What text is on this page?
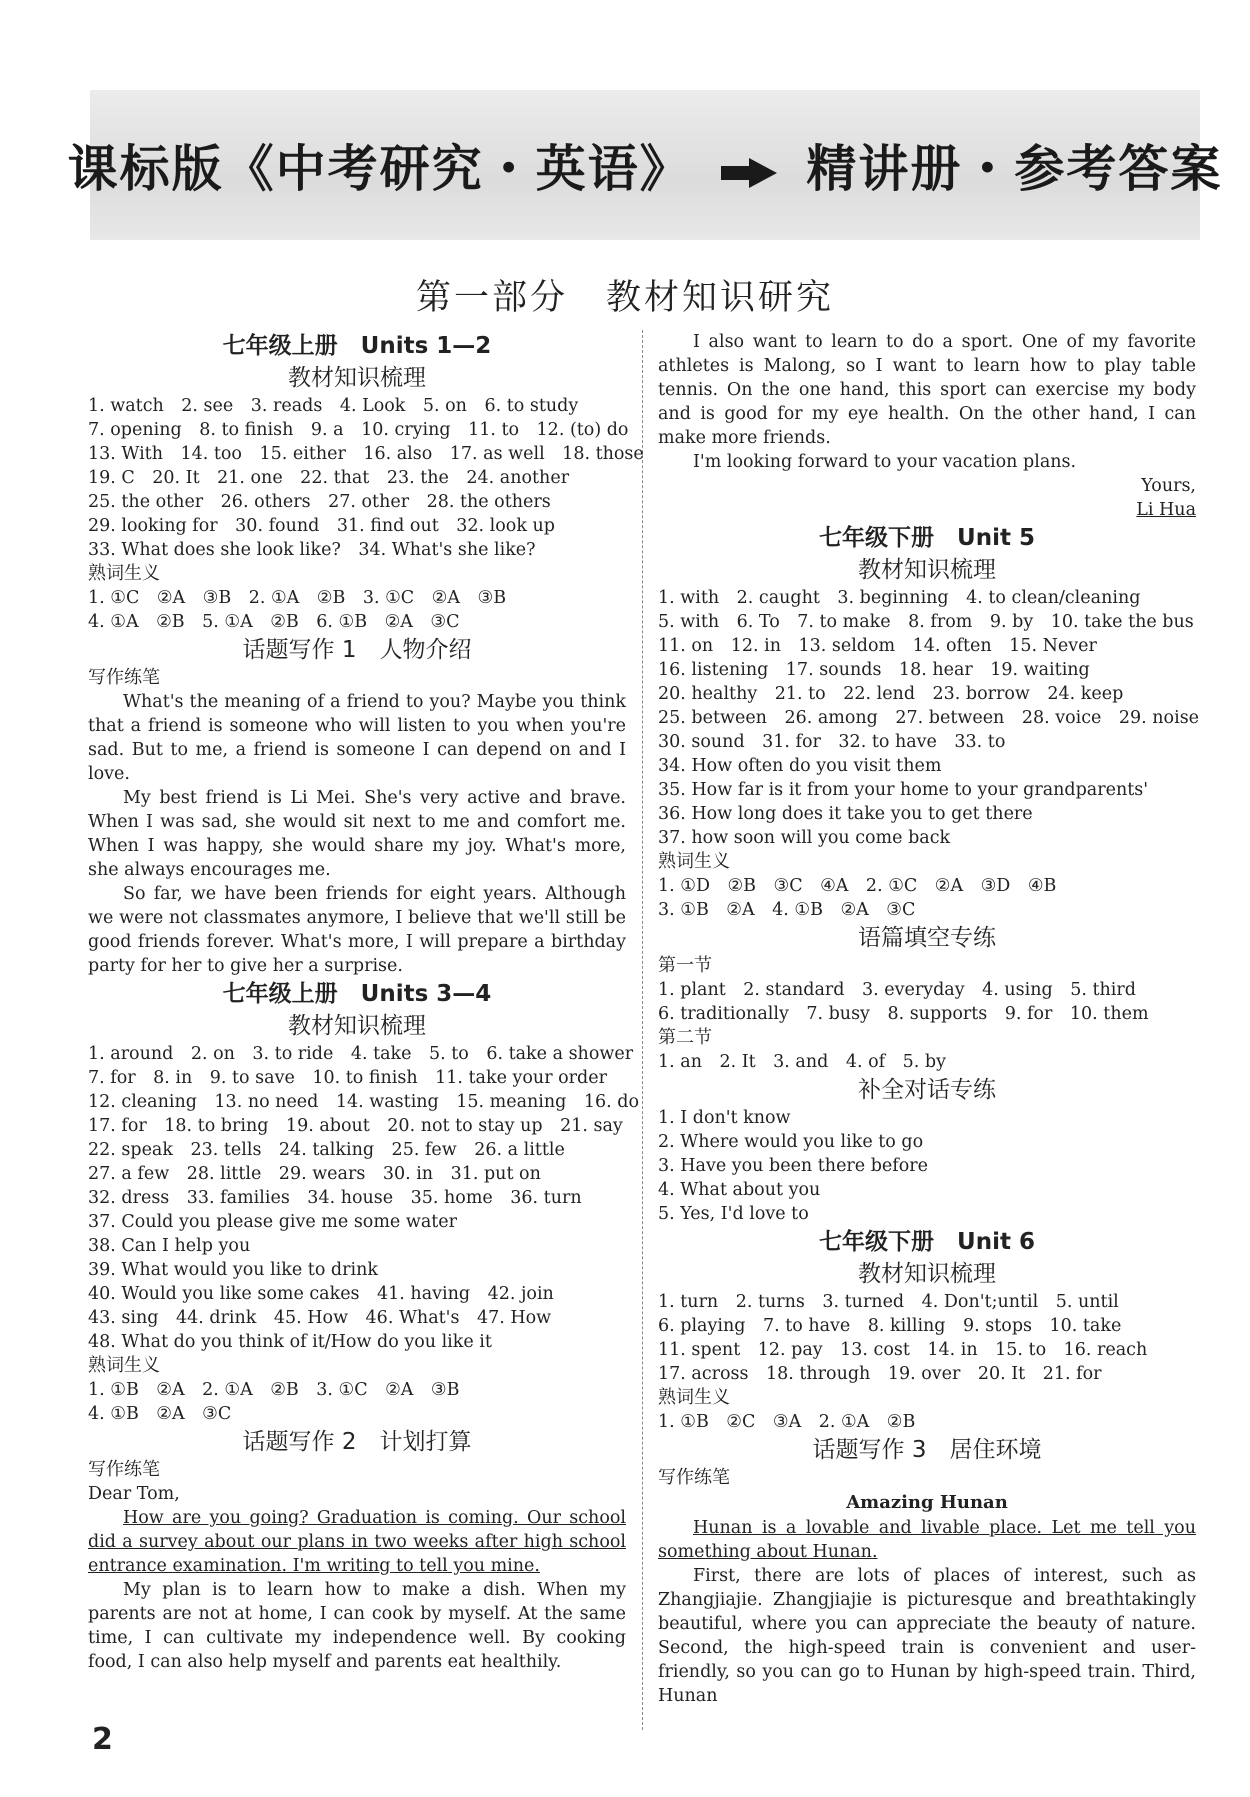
课标版《中考研究・英语》 精讲册・参考答案
第一部分　教材知识研究
七年级上册　Units 1—2
教材知识梳理
1. watch　2. see　3. reads　4. Look　5. on　6. to study
7. opening　8. to finish　9. a　10. crying　11. to　12. (to) do
13. With　14. too　15. either　16. also　17. as well　18. those
19. C　20. It　21. one　22. that　23. the　24. another
25. the other　26. others　27. other　28. the others
29. looking for　30. found　31. find out　32. look up
33. What does she look like?　34. What's she like?
熟词生义
1. ①C　②A　③B　2. ①A　②B　3. ①C　②A　③B
4. ①A　②B　5. ①A　②B　6. ①B　②A　③C
话题写作 1　人物介绍
写作练笔

What's the meaning of a friend to you? Maybe you think that a friend is someone who will listen to you when you're sad. But to me, a friend is someone I can depend on and I love.

My best friend is Li Mei. She's very active and brave. When I was sad, she would sit next to me and comfort me. When I was happy, she would share my joy. What's more, she always encourages me.

So far, we have been friends for eight years. Although we were not classmates anymore, I believe that we'll still be good friends forever. What's more, I will prepare a birthday party for her to give her a surprise.

七年级上册　Units 3—4
教材知识梳理
1. around　2. on　3. to ride　4. take　5. to　6. take a shower
7. for　8. in　9. to save　10. to finish　11. take your order
12. cleaning　13. no need　14. wasting　15. meaning　16. do
17. for　18. to bring　19. about　20. not to stay up　21. say
22. speak　23. tells　24. talking　25. few　26. a little
27. a few　28. little　29. wears　30. in　31. put on
32. dress　33. families　34. house　35. home　36. turn
37. Could you please give me some water
38. Can I help you
39. What would you like to drink
40. Would you like some cakes　41. having　42. join
43. sing　44. drink　45. How　46. What's　47. How
48. What do you think of it/How do you like it
熟词生义
1. ①B　②A　2. ①A　②B　3. ①C　②A　③B
4. ①B　②A　③C
话题写作 2　计划打算
写作练笔
Dear Tom,

How are you going? Graduation is coming. Our school did a survey about our plans in two weeks after high school entrance examination. I'm writing to tell you mine.

My plan is to learn how to make a dish. When my parents are not at home, I can cook by myself. At the same time, I can cultivate my independence well. By cooking food, I can also help myself and parents eat healthily.

I also want to learn to do a sport. One of my favorite athletes is Malong, so I want to learn how to play table tennis. On the one hand, this sport can exercise my body and is good for my eye health. On the other hand, I can make more friends.

I'm looking forward to your vacation plans.

Yours,
Li Hua
七年级下册　Unit 5
教材知识梳理
1. with　2. caught　3. beginning　4. to clean/cleaning
5. with　6. To　7. to make　8. from　9. by　10. take the bus
11. on　12. in　13. seldom　14. often　15. Never
16. listening　17. sounds　18. hear　19. waiting
20. healthy　21. to　22. lend　23. borrow　24. keep
25. between　26. among　27. between　28. voice　29. noise
30. sound　31. for　32. to have　33. to
34. How often do you visit them
35. How far is it from your home to your grandparents'
36. How long does it take you to get there
37. how soon will you come back
熟词生义
1. ①D　②B　③C　④A　2. ①C　②A　③D　④B
3. ①B　②A　4. ①B　②A　③C
语篇填空专练
第一节
1. plant　2. standard　3. everyday　4. using　5. third
6. traditionally　7. busy　8. supports　9. for　10. them
第二节
1. an　2. It　3. and　4. of　5. by
补全对话专练
1. I don't know
2. Where would you like to go
3. Have you been there before
4. What about you
5. Yes, I'd love to
七年级下册　Unit 6
教材知识梳理
1. turn　2. turns　3. turned　4. Don't;until　5. until
6. playing　7. to have　8. killing　9. stops　10. take
11. spent　12. pay　13. cost　14. in　15. to　16. reach
17. across　18. through　19. over　20. It　21. for
熟词生义
1. ①B　②C　③A　2. ①A　②B
话题写作 3　居住环境
写作练笔
Amazing Hunan

Hunan is a lovable and livable place. Let me tell you something about Hunan.

First, there are lots of places of interest, such as Zhangjiajie. Zhangjiajie is picturesque and breathtakingly beautiful, where you can appreciate the beauty of nature. Second, the high-speed train is convenient and user-friendly, so you can go to Hunan by high-speed train. Third, Hunan

2
